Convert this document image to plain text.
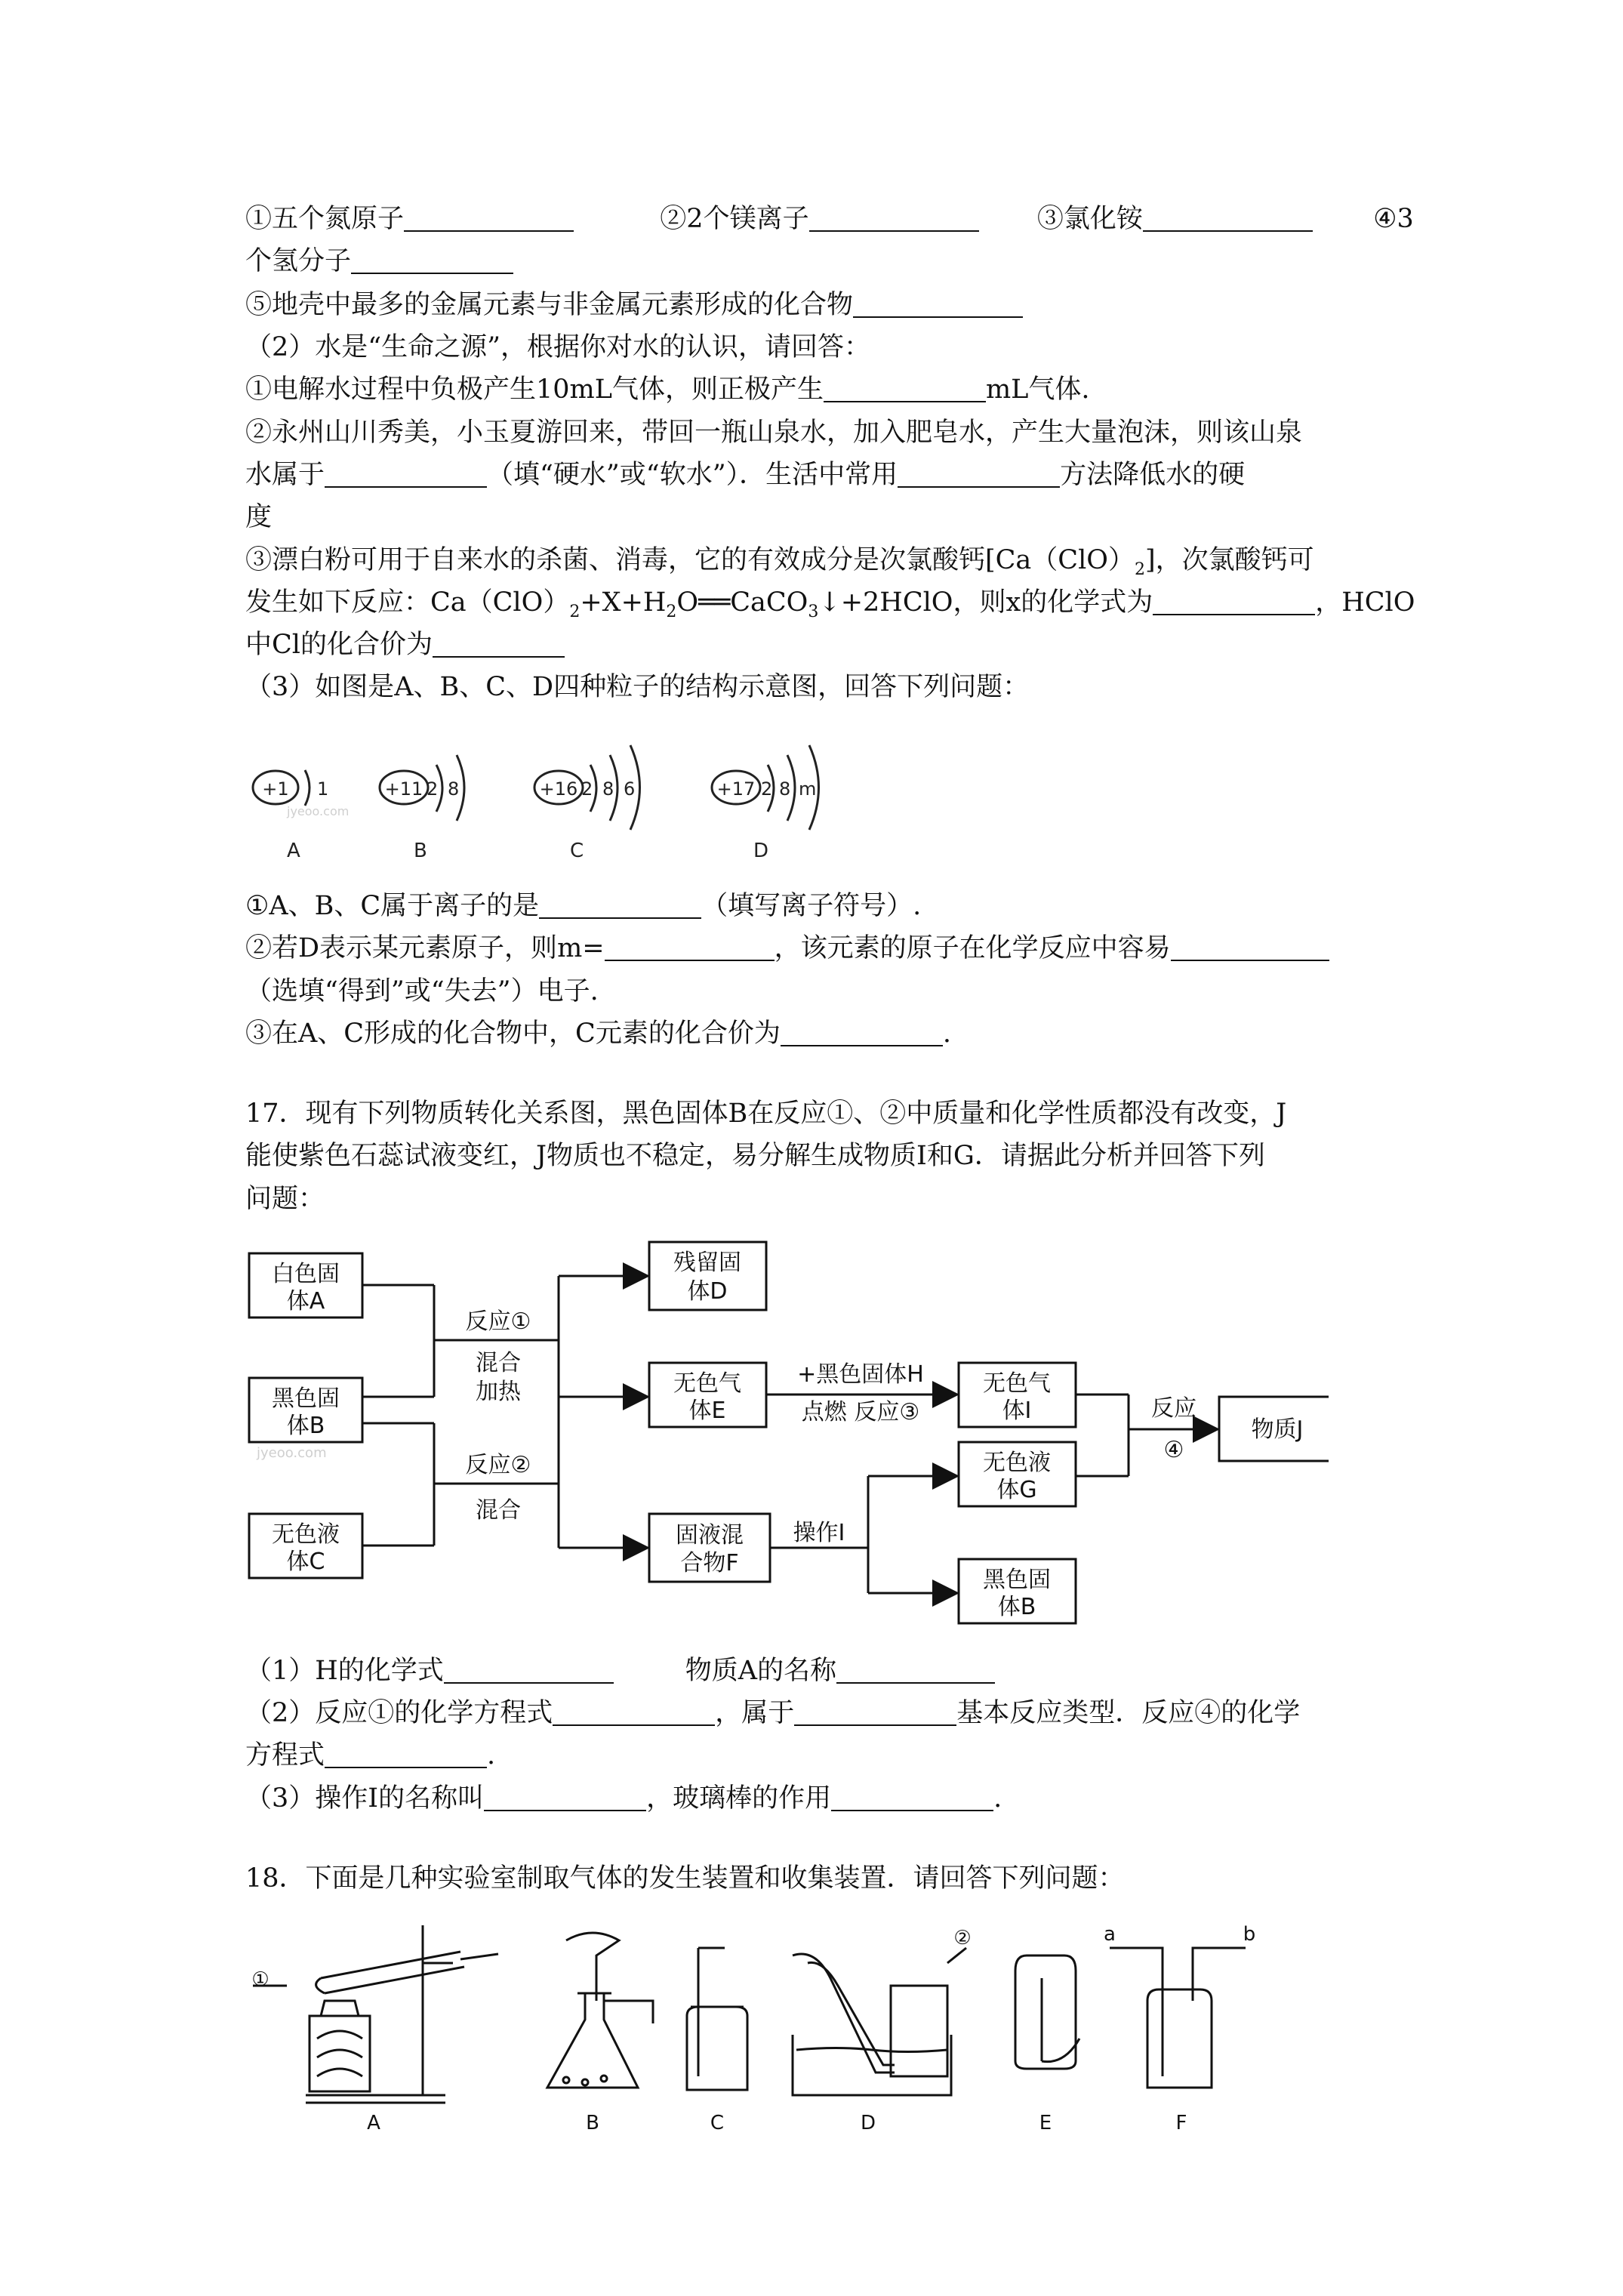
①五个氮原子	②2个镁离子	③氯化铵	④3
个氢分子
⑤地壳中最多的金属元素与非金属元素形成的化合物
（2）水是“生命之源”，根据你对水的认识，请回答：
①电解水过程中负极产生10mL气体，则正极产生	mL气体.
②永州山川秀美，小玉夏游回来，带回一瓶山泉水，加入肥皂水，产生大量泡沫，则该山泉
水属于	（填“硬水”或“软水”）．生活中常用	方法降低水的硬
度
③漂白粉可用于自来水的杀菌、消毒，它的有效成分是次氯酸钙$[Ca(ClO)_2]$，次氯酸钙可
发生如下反应：$Ca(ClO)_2+X+H_2O══CaCO_3↓+2HClO$，则x的化学式为	，HClO
中Cl的化合价为
（3）如图是A、B、C、D四种粒子的结构示意图，回答下列问题：
+1 1
A
+11 2 8
B
+16 2 8 6
C
+17 2 8 m
D
jyeoo.com
①A、B、C属于离子的是	（填写离子符号）.
②若D表示某元素原子，则m=	，该元素的原子在化学反应中容易
（选填“得到”或“失去”）电子.
③在A、C形成的化合物中，C元素的化合价为	.
17．现有下列物质转化关系图，黑色固体B在反应①、②中质量和化学性质都没有改变，J
能使紫色石蕊试液变红，J物质也不稳定，易分解生成物质I和G．请据此分析并回答下列
问题：
白色固
体A
黑色固
体B
无色液
体C
残留固
体D
无色气
体E
固液混
合物F
无色气
体I
无色液
体G
黑色固
体B
物质J
反应①
混合
加热
反应②
混合
+黑色固体H
点燃 反应③	反应
④
操作Ⅰ
jyeoo.com
（1）H的化学式	物质A的名称
（2）反应①的化学方程式	，属于	基本反应类型．反应④的化学
方程式	.
（3）操作Ⅰ的名称叫	，玻璃棒的作用	.
18．下面是几种实验室制取气体的发生装置和收集装置．请回答下列问题：
①
②	a	b
A	B	C	D	E	F
